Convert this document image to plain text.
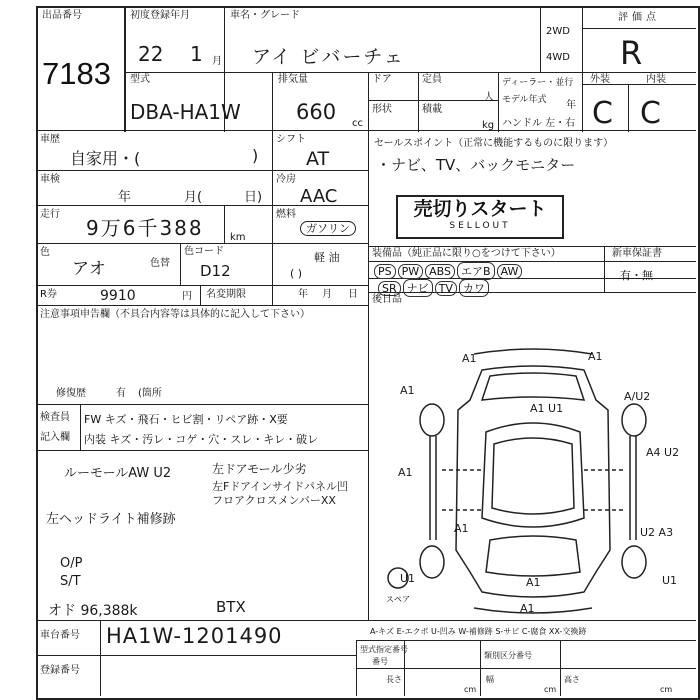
出品番号
7183
初度登録年月
22 1 月
車名・グレード
アイ ビバーチェ
2WD
4WD
評価点
R
型式
DBA-HA1W
排気量
660 cc
ドア
形状
定員
人
積載
kg
ディーラー・並行
モデル年式	年
ハンドル 左・右
外装	内装
C C
車歴
自家用・(	)
シフト
AT
セールスポイント（正常に機能するものに限ります）
・ナビ、TV、バックモニター
車検
年	月(	日)
冷房
AAC
売切りスタート
SELLOUT
走行
9万6千388	km
燃料
ガソリン
軽 油
( )
色
アオ	色替
色コード
D12
装備品（純正品に限り○をつけて下さい）	新車保証書
有・無
PS PW ABS エアB AW
SR ナビ TV カワ
R券	9910	円 名変期限	年 月 日 後日品
注意事項申告欄（不具合内容等は具体的に記入して下さい）
修復歴	有 (箇所
検査員
記入欄
FW キズ・飛石・ヒビ割・リペア跡・X要
内装 キズ・汚レ・コゲ・穴・スレ・キレ・破レ
ルーモールAW U2	左ドアモール少劣
左Fドアインサイドパネル凹
フロアクロスメンバーXX
左ヘッドライト補修跡
O/P
S/T
オド 96,388k	BTX
車台番号 HA1W-1201490
登録番号
A-キズ E-エクボ U-凹み W-補修跡 S-サビ C-腐食 XX-交換跡
型式指定番号
番号
類別区分番号
長さ	幅	高さ
cm	cm	cm
スペア
A1	A1
A1
A1 U1
A/U2
A1
A4 U2
A1	U2 A3
U1	A1
A1
U1
